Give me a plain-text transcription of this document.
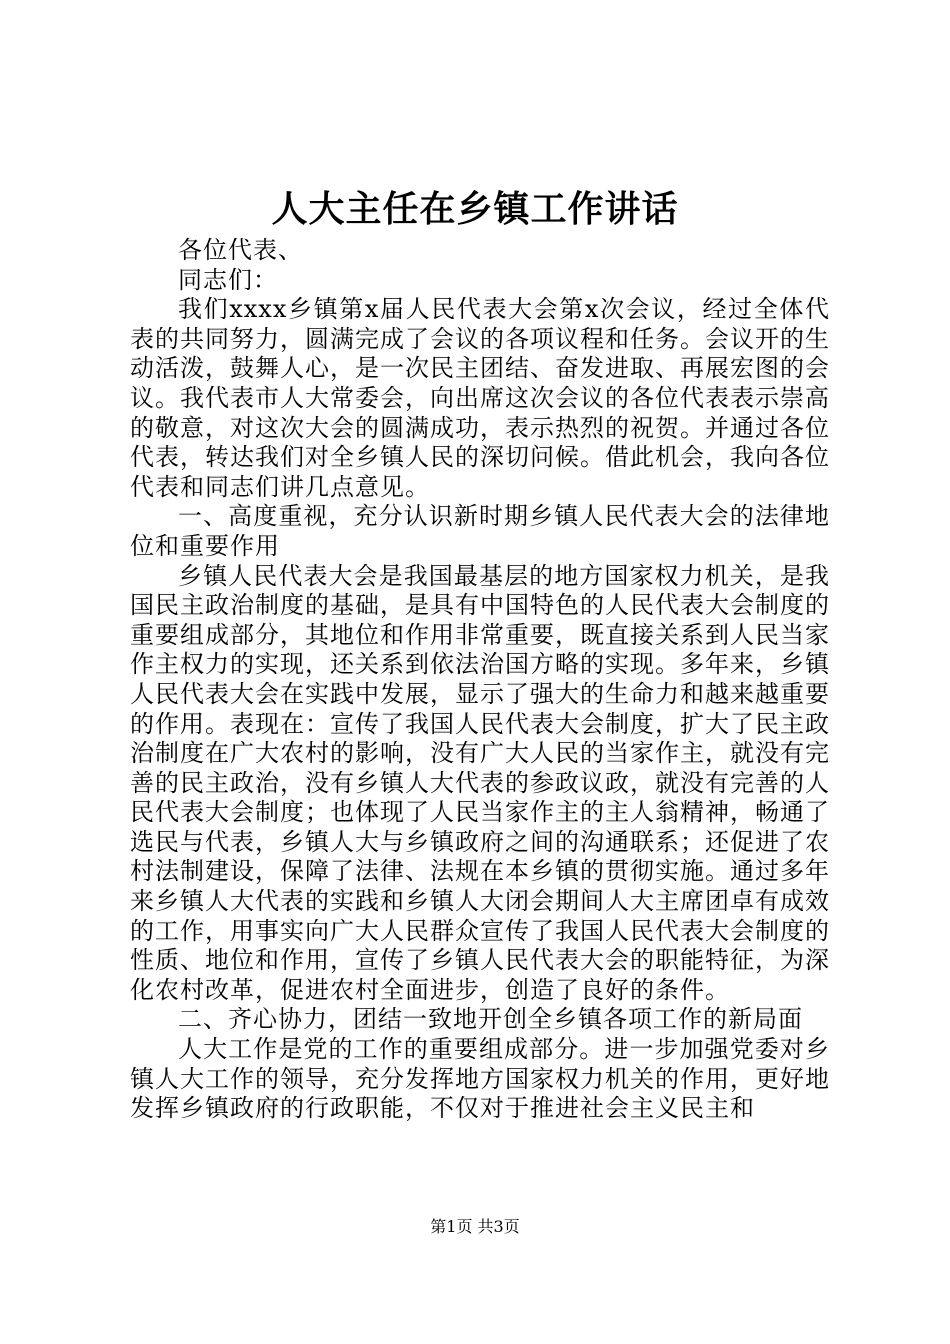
人大主任在乡镇工作讲话

各位代表、

同志们：

我们xxxx乡镇第x届人民代表大会第x次会议，经过全体代表的共同努力，圆满完成了会议的各项议程和任务。会议开的生动活泼，鼓舞人心，是一次民主团结、奋发进取、再展宏图的会议。我代表市人大常委会，向出席这次会议的各位代表表示崇高的敬意，对这次大会的圆满成功，表示热烈的祝贺。并通过各位代表，转达我们对全乡镇人民的深切问候。借此机会，我向各位代表和同志们讲几点意见。

一、高度重视，充分认识新时期乡镇人民代表大会的法律地位和重要作用

乡镇人民代表大会是我国最基层的地方国家权力机关，是我国民主政治制度的基础，是具有中国特色的人民代表大会制度的重要组成部分，其地位和作用非常重要，既直接关系到人民当家作主权力的实现，还关系到依法治国方略的实现。多年来，乡镇人民代表大会在实践中发展，显示了强大的生命力和越来越重要的作用。表现在：宣传了我国人民代表大会制度，扩大了民主政治制度在广大农村的影响，没有广大人民的当家作主，就没有完善的民主政治，没有乡镇人大代表的参政议政，就没有完善的人民代表大会制度；也体现了人民当家作主的主人翁精神，畅通了选民与代表，乡镇人大与乡镇政府之间的沟通联系；还促进了农村法制建设，保障了法律、法规在本乡镇的贯彻实施。通过多年来乡镇人大代表的实践和乡镇人大闭会期间人大主席团卓有成效的工作，用事实向广大人民群众宣传了我国人民代表大会制度的性质、地位和作用，宣传了乡镇人民代表大会的职能特征，为深化农村改革，促进农村全面进步，创造了良好的条件。

二、齐心协力，团结一致地开创全乡镇各项工作的新局面

人大工作是党的工作的重要组成部分。进一步加强党委对乡镇人大工作的领导，充分发挥地方国家权力机关的作用，更好地发挥乡镇政府的行政职能，不仅对于推进社会主义民主和

第1页 共3页
